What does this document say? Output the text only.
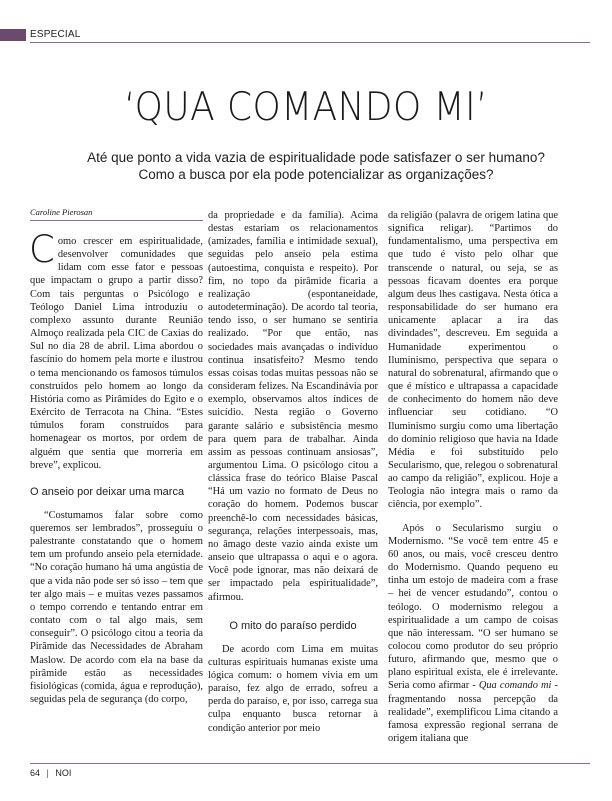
ESPECIAL
‘QUA COMANDO MI’
Até que ponto a vida vazia de espiritualidade pode satisfazer o ser humano?
Como a busca por ela pode potencializar as organizações?
Caroline Pierosan

Como crescer em espiritualidade, desenvolver comunidades que lidam com esse fator e pessoas que impactam o grupo a partir disso? Com tais perguntas o Psicólogo e Teólogo Daniel Lima introduziu o complexo assunto durante Reunião Almoço realizada pela CIC de Caxias do Sul no dia 28 de abril. Lima abordou o fascínio do homem pela morte e ilustrou o tema mencionando os famosos túmulos construídos pelo homem ao longo da História como as Pirâmides do Egito e o Exército de Terracota na China. “Estes túmulos foram construídos para homenagear os mortos, por ordem de alguém que sentia que morreria em breve”, explicou.

O anseio por deixar uma marca

“Costumamos falar sobre como queremos ser lembrados”, prosseguiu o palestrante constatando que o homem tem um profundo anseio pela eternidade. “No coração humano há uma angústia de que a vida não pode ser só isso – tem que ter algo mais – e muitas vezes passamos o tempo correndo e tentando entrar em contato com o tal algo mais, sem conseguir”. O psicólogo citou a teoria da Pirâmide das Necessidades de Abraham Maslow. De acordo com ela na base da pirâmide estão as necessidades fisiológicas (comida, água e reprodução), seguidas pela de segurança (do corpo,

da propriedade e da família). Acima destas estariam os relacionamentos (amizades, família e intimidade sexual), seguidas pelo anseio pela estima (autoestima, conquista e respeito). Por fim, no topo da pirâmide ficaria a realização (espontaneidade, autodeterminação). De acordo tal teoria, tendo isso, o ser humano se sentiria realizado. “Por que então, nas sociedades mais avançadas o indivíduo continua insatisfeito? Mesmo tendo essas coisas todas muitas pessoas não se consideram felizes. Na Escandinávia por exemplo, observamos altos índices de suicídio. Nesta região o Governo garante salário e subsistência mesmo para quem para de trabalhar. Ainda assim as pessoas continuam ansiosas”, argumentou Lima. O psicólogo citou a clássica frase do teórico Blaise Pascal “Há um vazio no formato de Deus no coração do homem. Podemos buscar preenchê-lo com necessidades básicas, segurança, relações interpessoais, mas, no âmago deste vazio ainda existe um anseio que ultrapassa o aqui e o agora. Você pode ignorar, mas não deixará de ser impactado pela espiritualidade”, afirmou.

O mito do paraíso perdido

De acordo com Lima em muitas culturas espirituais humanas existe uma lógica comum: o homem vivia em um paraíso, fez algo de errado, sofreu a perda do paraíso, e, por isso, carrega sua culpa enquanto busca retornar à condição anterior por meio

da religião (palavra de origem latina que significa religar). “Partimos do fundamentalismo, uma perspectiva em que tudo é visto pelo olhar que transcende o natural, ou seja, se as pessoas ficavam doentes era porque algum deus lhes castigava. Nesta ótica a responsabilidade do ser humano era unicamente aplacar a ira das divindades”, descreveu. Em seguida a Humanidade experimentou o Iluminismo, perspectiva que separa o natural do sobrenatural, afirmando que o que é místico e ultrapassa a capacidade de conhecimento do homem não deve influenciar seu cotidiano. “O Iluminismo surgiu como uma libertação do domínio religioso que havia na Idade Média e foi substituído pelo Secularismo, que, relegou o sobrenatural ao campo da religião”, explicou. Hoje a Teologia não integra mais o ramo da ciência, por exemplo”.

Após o Secularismo surgiu o Modernismo. “Se você tem entre 45 e 60 anos, ou mais, você cresceu dentro do Modernismo. Quando pequeno eu tinha um estojo de madeira com a frase – hei de vencer estudando”, contou o teólogo. O modernismo relegou a espiritualidade a um campo de coisas que não interessam. “O ser humano se colocou como produtor do seu próprio futuro, afirmando que, mesmo que o plano espiritual exista, ele é irrelevante. Seria como afirmar - Qua comando mi - fragmentando nossa percepção da realidade”, exemplificou Lima citando a famosa expressão regional serrana de origem italiana que

64 | NOI
